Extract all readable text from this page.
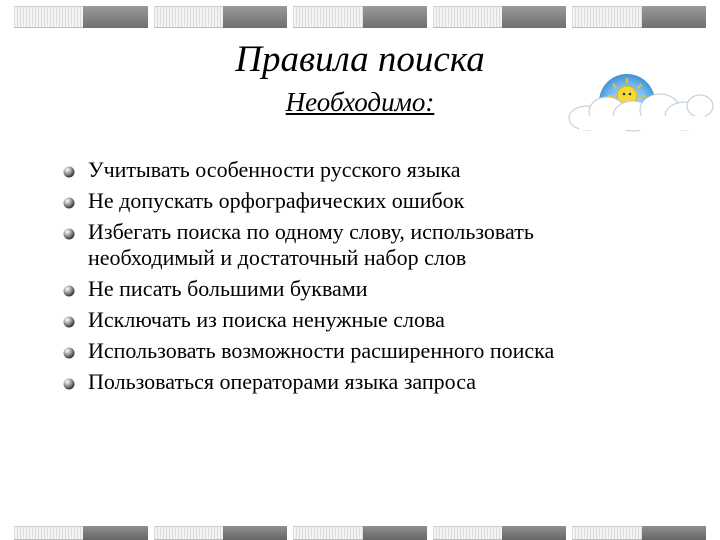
Правила поиска
Необходимо:
Учитывать особенности русского языка
Не допускать орфографических ошибок
Избегать поиска по одному слову, использовать необходимый и достаточный набор слов
Не писать большими буквами
Исключать из поиска ненужные слова
Использовать возможности расширенного поиска
Пользоваться операторами языка запроса
